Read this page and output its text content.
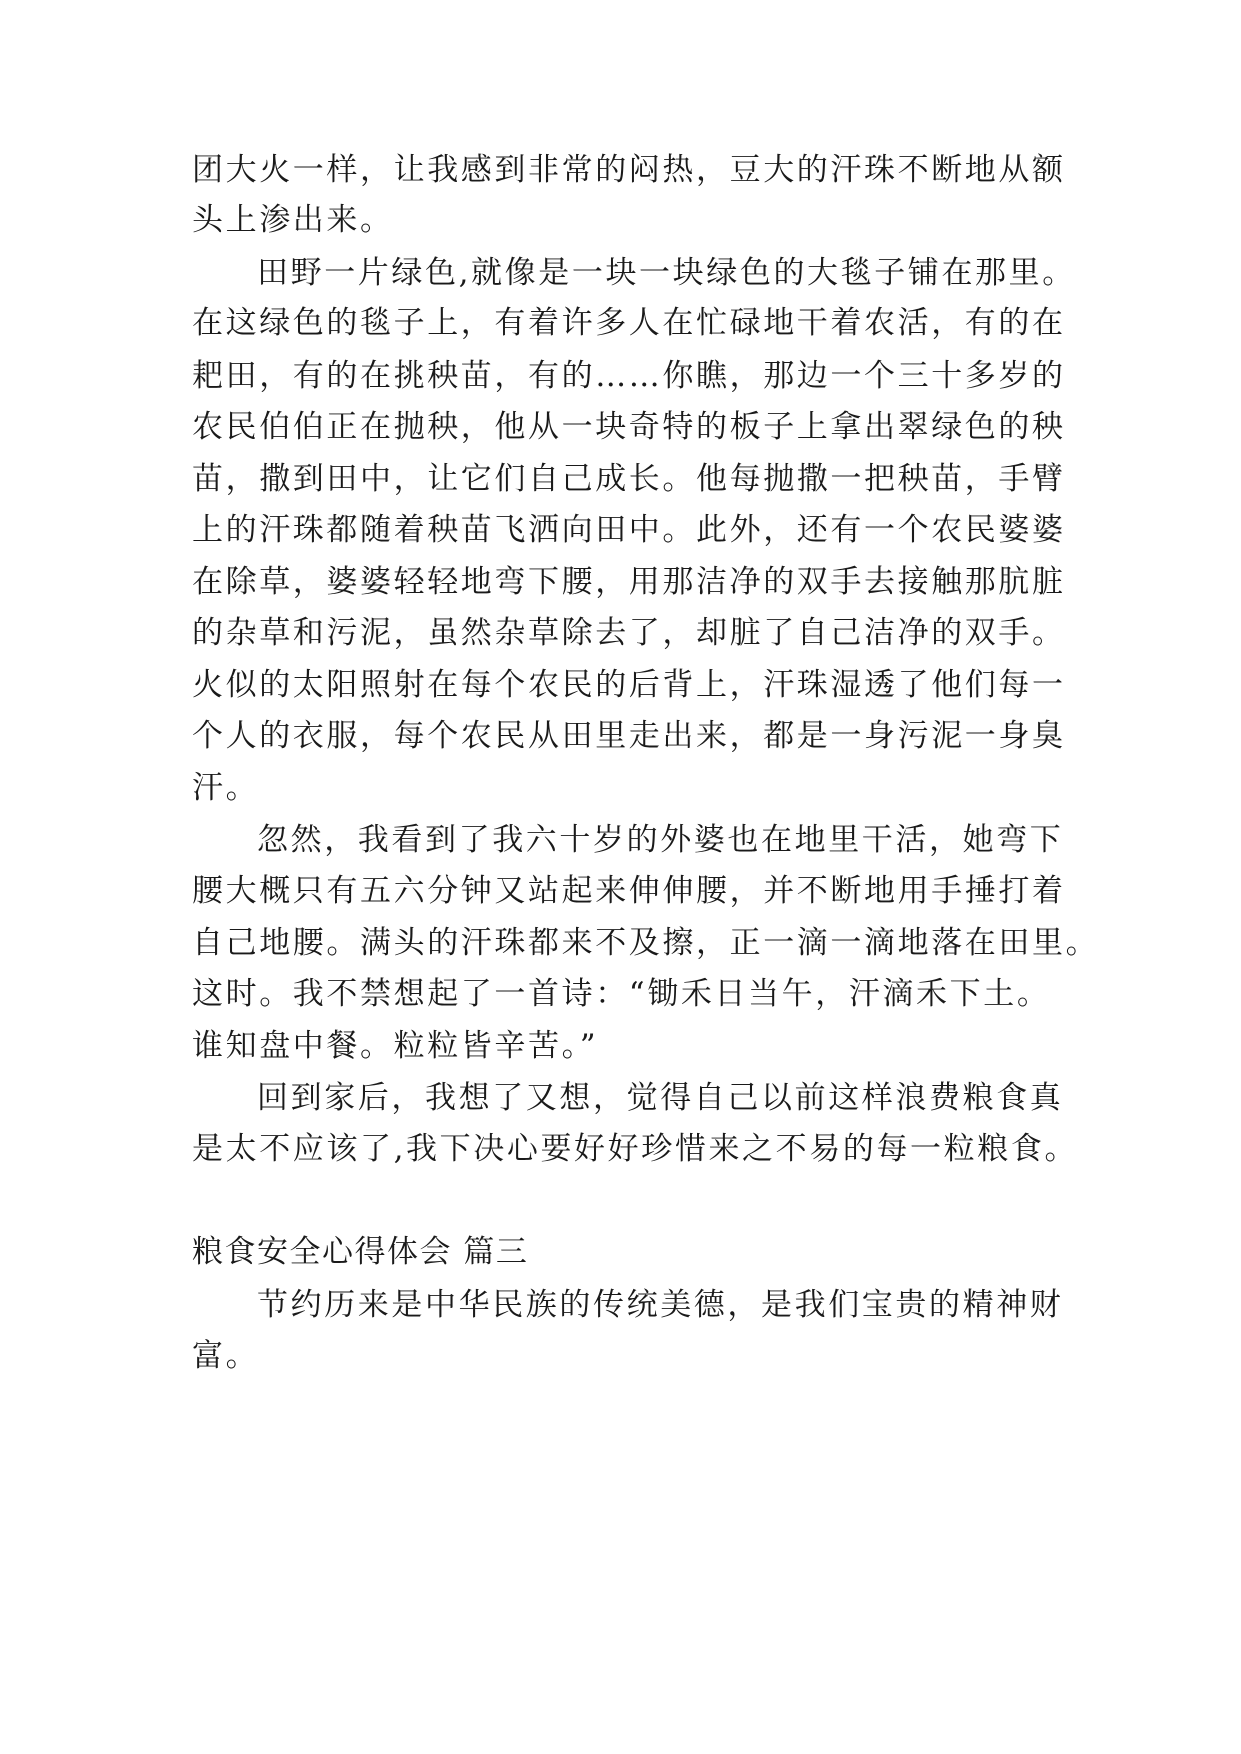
团大火一样，让我感到非常的闷热，豆大的汗珠不断地从额
头上渗出来。
田野一片绿色,就像是一块一块绿色的大毯子铺在那里。
在这绿色的毯子上，有着许多人在忙碌地干着农活，有的在
耙田，有的在挑秧苗，有的……你瞧，那边一个三十多岁的
农民伯伯正在抛秧，他从一块奇特的板子上拿出翠绿色的秧
苗，撒到田中，让它们自己成长。他每抛撒一把秧苗，手臂
上的汗珠都随着秧苗飞洒向田中。此外，还有一个农民婆婆
在除草，婆婆轻轻地弯下腰，用那洁净的双手去接触那肮脏
的杂草和污泥，虽然杂草除去了，却脏了自己洁净的双手。
火似的太阳照射在每个农民的后背上，汗珠湿透了他们每一
个人的衣服，每个农民从田里走出来，都是一身污泥一身臭
汗。
忽然，我看到了我六十岁的外婆也在地里干活，她弯下
腰大概只有五六分钟又站起来伸伸腰，并不断地用手捶打着
自己地腰。满头的汗珠都来不及擦，正一滴一滴地落在田里。
这时。我不禁想起了一首诗：“锄禾日当午，汗滴禾下土。
谁知盘中餐。粒粒皆辛苦。”
回到家后，我想了又想，觉得自己以前这样浪费粮食真
是太不应该了,我下决心要好好珍惜来之不易的每一粒粮食。
粮食安全心得体会 篇三
节约历来是中华民族的传统美德，是我们宝贵的精神财
富。
